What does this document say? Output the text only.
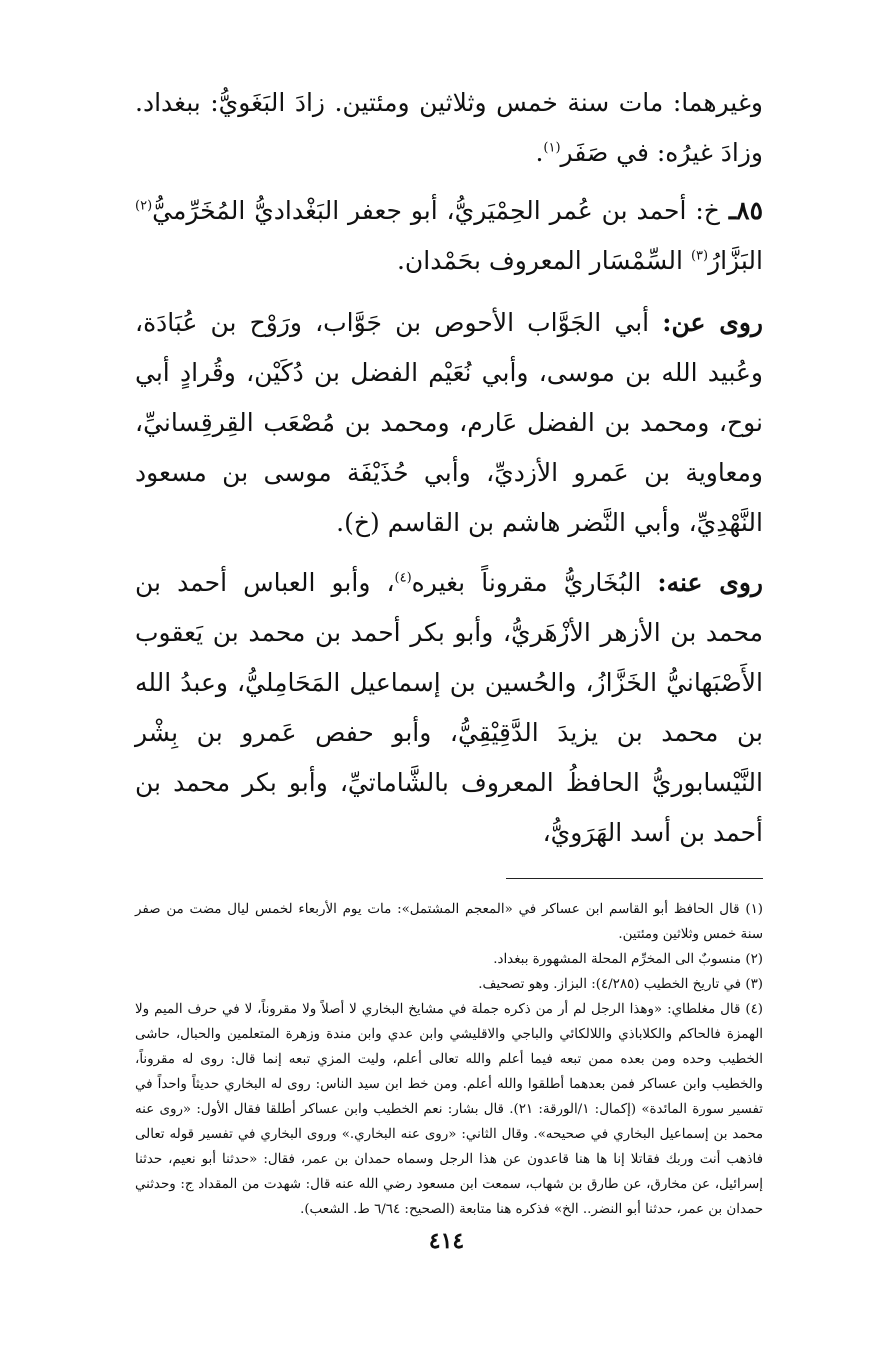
وغيرهما: مات سنة خمس وثلاثين ومئتين. زادَ البَغَويُّ: ببغداد. وزادَ غيرُه: في صَفَر$^{(١)}$.

٨٥ـ خ: أحمد بن عُمر الحِمْيَريُّ، أبو جعفر البَغْداديُّ المُخَرِّميُّ$^{(٢)}$ البَزَّارُ$^{(٣)}$ السِّمْسَار المعروف بحَمْدان.

روى عن: أبي الجَوَّاب الأحوص بن جَوَّاب، ورَوْح بن عُبَادَة، وعُبيد الله بن موسى، وأبي نُعَيْم الفضل بن دُكَيْن، وقُرادٍ أبي نوح، ومحمد بن الفضل عَارم، ومحمد بن مُصْعَب القِرقِسانيِّ، ومعاوية بن عَمرو الأزديِّ، وأبي حُذَيْفَة موسى بن مسعود النَّهْدِيِّ، وأبي النَّضر هاشم بن القاسم (خ).

روى عنه: البُخَاريُّ مقروناً بغيره$^{(٤)}$، وأبو العباس أحمد بن محمد بن الأزهر الأزْهَريُّ، وأبو بكر أحمد بن محمد بن يَعقوب الأَصْبَهانيُّ الخَزَّازُ، والحُسين بن إسماعيل المَحَامِليُّ، وعبدُ الله بن محمد بن يزيدَ الدَّقِيْقِيُّ، وأبو حفص عَمرو بن بِشْر النَّيْسابوريُّ الحافظُ المعروف بالشَّاماتيِّ، وأبو بكر محمد بن أحمد بن أسد الهَرَويُّ،

(١) قال الحافظ أبو القاسم ابن عساكر في «المعجم المشتمل»: مات يوم الأربعاء لخمس ليال مضت من صفر سنة خمس وثلاثين ومئتين.

(٢) منسوبٌ الى المخرِّم المحلة المشهورة ببغداد.

(٣) في تاريخ الخطيب (٤/٢٨٥): البزاز. وهو تصحيف.

(٤) قال مغلطاي: «وهذا الرجل لم أر من ذكره جملة في مشايخ البخاري لا أصلاً ولا مقروناً، لا في حرف الميم ولا الهمزة فالحاكم والكلاباذي واللالكائي والباجي والاقليشي وابن عدي وابن مندة وزهرة المتعلمين والحبال، حاشى الخطيب وحده ومن بعده ممن تبعه فيما أعلم والله تعالى أعلم، وليت المزي تبعه إنما قال: روى له مقروناً، والخطيب وابن عساكر فمن بعدهما أطلقوا والله أعلم. ومن خط ابن سيد الناس: روى له البخاري حديثاً واحداً في تفسير سورة المائدة» (إكمال: ١/الورقة: ٢١). قال بشار: نعم الخطيب وابن عساكر أطلقا فقال الأول: «روى عنه محمد بن إسماعيل البخاري في صحيحه». وقال الثاني: «روى عنه البخاري.» وروى البخاري في تفسير قوله تعالى فاذهب أنت وربك فقاتلا إنا ها هنا قاعدون عن هذا الرجل وسماه حمدان بن عمر، فقال: «حدثنا أبو نعيم، حدثنا إسرائيل، عن مخارق، عن طارق بن شهاب، سمعت ابن مسعود رضي الله عنه قال: شهدت من المقداد ج: وحدثني حمدان بن عمر، حدثنا أبو النضر.. الخ» فذكره هنا متابعة (الصحيح: ٦/٦٤ ط. الشعب).

٤١٤
